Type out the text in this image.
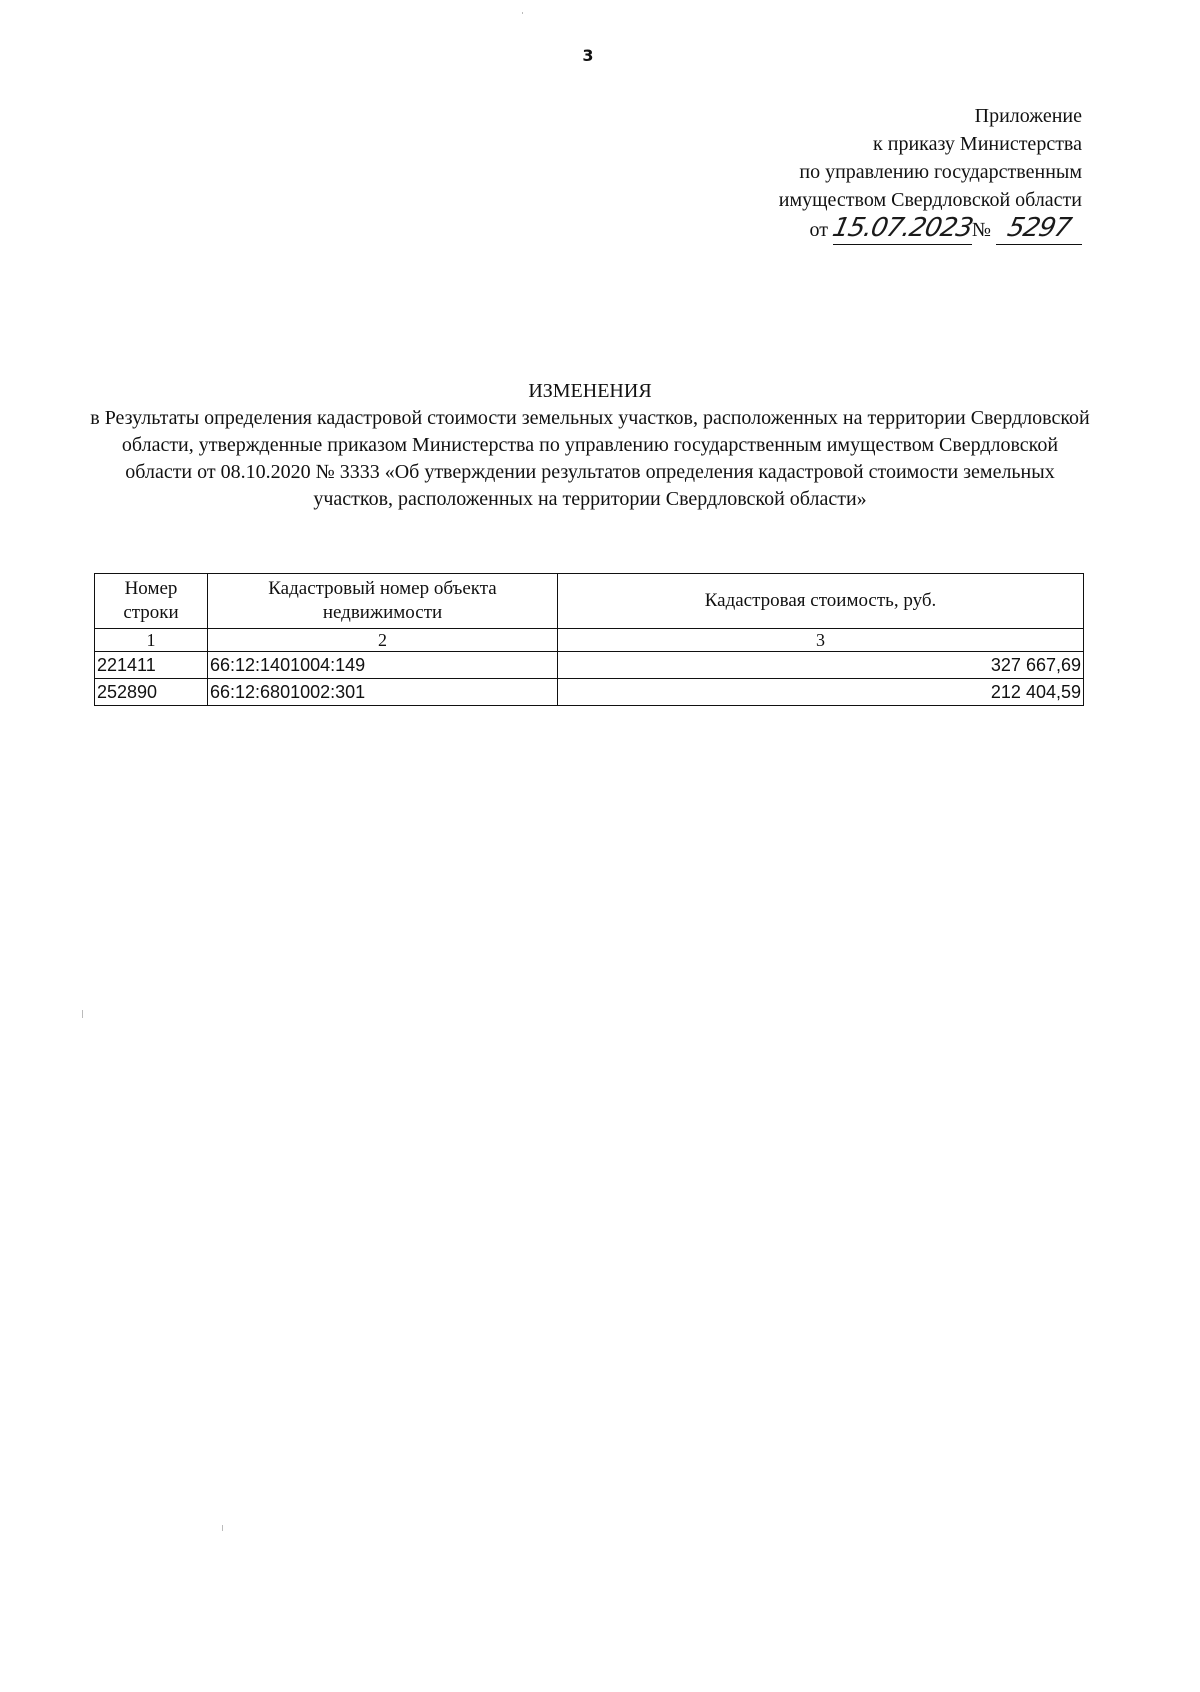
3
Приложение
к приказу Министерства
по управлению государственным
имуществом Свердловской области
от 15.07.2023№ 5297
ИЗМЕНЕНИЯ
в Результаты определения кадастровой стоимости земельных участков, расположенных на территории Свердловской области, утвержденные приказом Министерства по управлению государственным имуществом Свердловской области от 08.10.2020 № 3333 «Об утверждении результатов определения кадастровой стоимости земельных участков, расположенных на территории Свердловской области»
Номер строки	Кадастровый номер объекта недвижимости	Кадастровая стоимость, руб.
1	2	3
221411	66:12:1401004:149	327 667,69
252890	66:12:6801002:301	212 404,59
